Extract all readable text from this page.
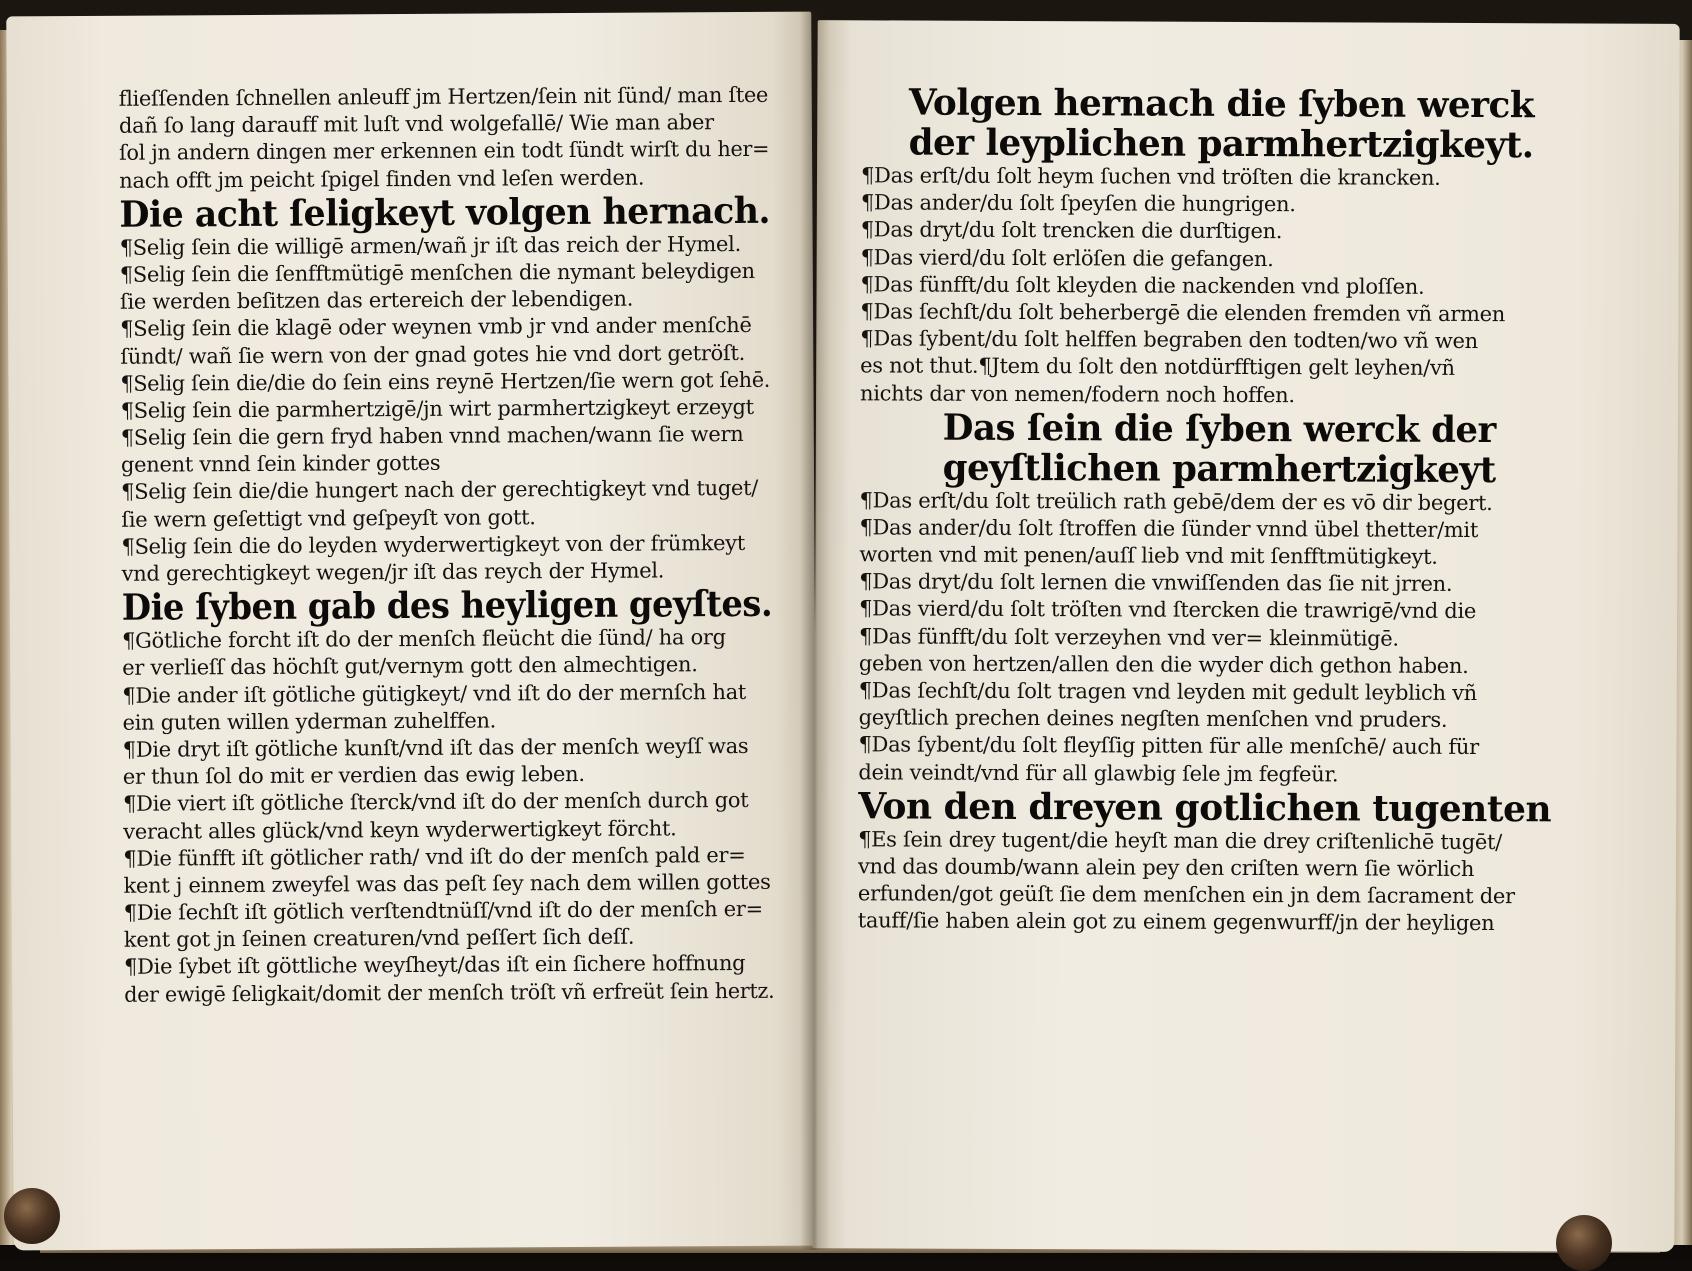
flieſſenden ſchnellen anleuff jm Hertzen/ſein nit ſünd/ man ſtee
dañ ſo lang darauff mit luſt vnd wolgefallē/ Wie man aber
ſol jn andern dingen mer erkennen ein todt ſündt wirſt du her=
nach offt jm peicht ſpigel finden vnd leſen werden.
Die acht ſeligkeyt volgen hernach.
¶Selig ſein die willigē armen/wañ jr iſt das reich der Hymel.
¶Selig ſein die ſenfftmütigē menſchen die nymant beleydigen
ſie werden beſitzen das ertereich der lebendigen.
¶Selig ſein die klagē oder weynen vmb jr vnd ander menſchē
ſündt/ wañ ſie wern von der gnad gotes hie vnd dort getröſt.
¶Selig ſein die/die do ſein eins reynē Hertzen/ſie wern got ſehē.
¶Selig ſein die parmhertzigē/jn wirt parmhertzigkeyt erzeygt
¶Selig ſein die gern fryd haben vnnd machen/wann ſie wern
genent vnnd ſein kinder gottes
¶Selig ſein die/die hungert nach der gerechtigkeyt vnd tuget/
ſie wern geſettigt vnd geſpeyſt von gott.
¶Selig ſein die do leyden wyderwertigkeyt von der frümkeyt
vnd gerechtigkeyt wegen/jr iſt das reych der Hymel.
Die ſyben gab des heyligen geyſtes.
¶Götliche forcht iſt do der menſch fleücht die ſünd/ ha org
er verlieſſ das höchſt gut/vernym gott den almechtigen.
¶Die ander iſt götliche gütigkeyt/ vnd iſt do der mernſch hat
ein guten willen yderman zuhelffen.
¶Die dryt iſt götliche kunſt/vnd iſt das der menſch weyſſ was
er thun ſol do mit er verdien das ewig leben.
¶Die viert iſt götliche ſterck/vnd iſt do der menſch durch got
veracht alles glück/vnd keyn wyderwertigkeyt förcht.
¶Die fünfft iſt götlicher rath/ vnd iſt do der menſch pald er=
kent j einnem zweyfel was das peſt ſey nach dem willen gottes
¶Die ſechſt iſt götlich verſtendtnüſſ/vnd iſt do der menſch er=
kent got jn ſeinen creaturen/vnd peſſert ſich deſſ.
¶Die ſybet iſt göttliche weyſheyt/das iſt ein ſichere hoffnung
der ewigē ſeligkait/domit der menſch tröſt vñ erfreüt ſein hertz.
Volgen hernach die ſyben werck
der leyplichen parmhertzigkeyt.
¶Das erſt/du ſolt heym ſuchen vnd tröſten die krancken.
¶Das ander/du ſolt ſpeyſen die hungrigen.
¶Das dryt/du ſolt trencken die durſtigen.
¶Das vierd/du ſolt erlöſen die gefangen.
¶Das fünfft/du ſolt kleyden die nackenden vnd ploſſen.
¶Das ſechſt/du ſolt beherbergē die elenden fremden vñ armen
¶Das ſybent/du ſolt helffen begraben den todten/wo vñ wen
es not thut.¶Jtem du ſolt den notdürfftigen gelt leyhen/vñ
nichts dar von nemen/fodern noch hoffen.
Das ſein die ſyben werck der
geyſtlichen parmhertzigkeyt
¶Das erſt/du ſolt treülich rath gebē/dem der es vō dir begert.
¶Das ander/du ſolt ſtroffen die ſünder vnnd übel thetter/mit
worten vnd mit penen/auſſ lieb vnd mit ſenfftmütigkeyt.
¶Das dryt/du ſolt lernen die vnwiſſenden das ſie nit jrren.
¶Das vierd/du ſolt tröſten vnd ſtercken die trawrigē/vnd die
¶Das fünfft/du ſolt verzeyhen vnd ver= kleinmütigē.
geben von hertzen/allen den die wyder dich gethon haben.
¶Das ſechſt/du ſolt tragen vnd leyden mit gedult leyblich vñ
geyſtlich prechen deines negſten menſchen vnd pruders.
¶Das ſybent/du ſolt fleyſſig pitten für alle menſchē/ auch für
dein veindt/vnd für all glawbig ſele jm fegfeür.
Von den dreyen gotlichen tugenten
¶Es ſein drey tugent/die heyſt man die drey criſtenlichē tugēt/
vnd das doumb/wann alein pey den criſten wern ſie wörlich
erfunden/got geüſt ſie dem menſchen ein jn dem ſacrament der
tauff/ſie haben alein got zu einem gegenwurff/jn der heyligen
